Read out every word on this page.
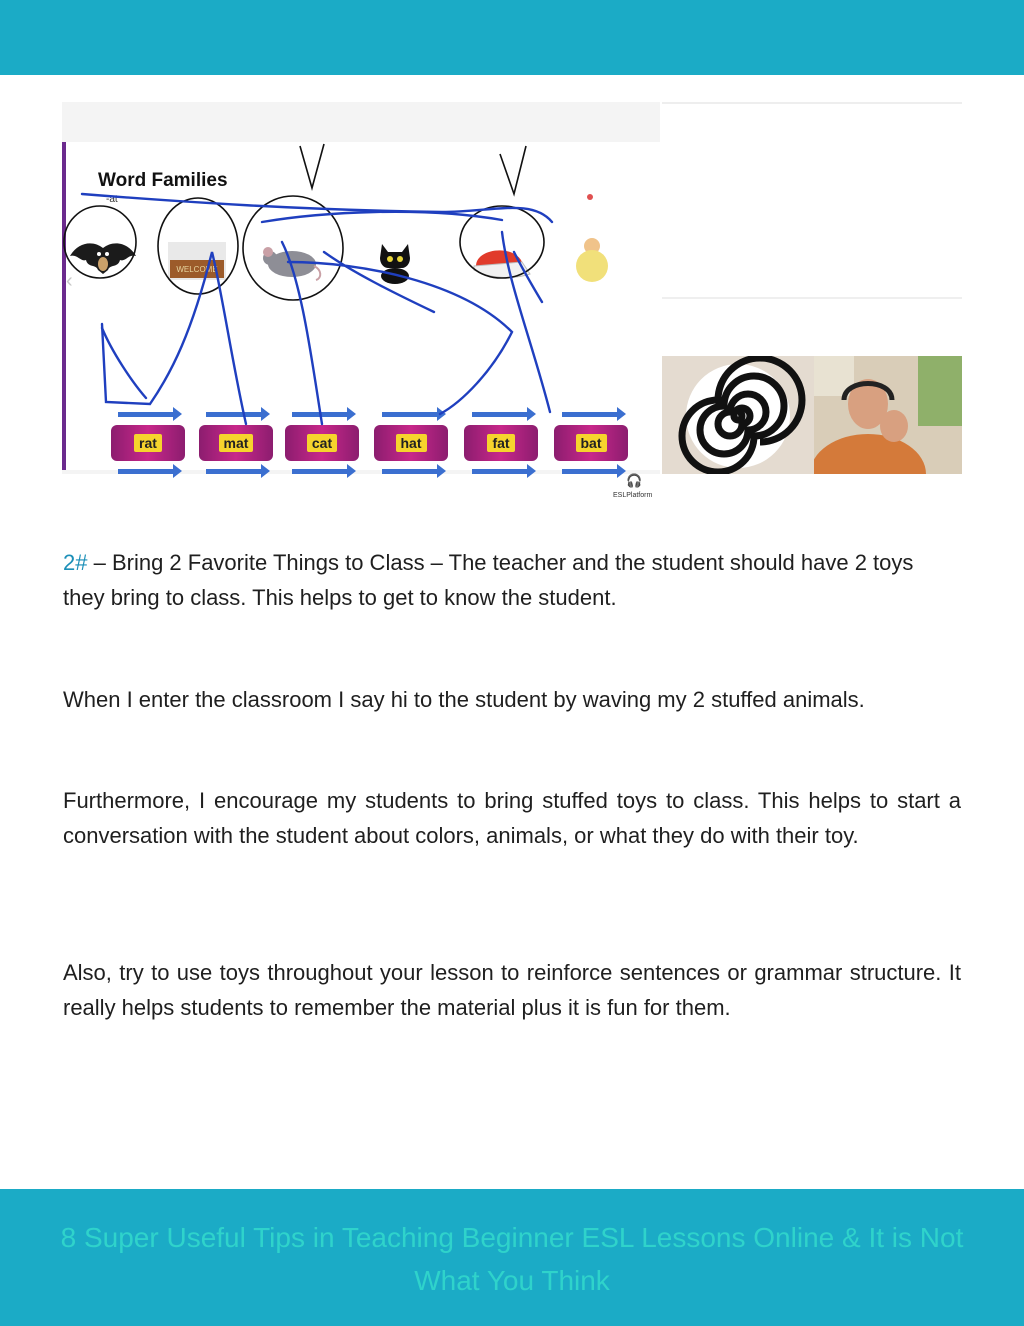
Word Families
-at
‹
WELCOME
rat	mat	cat	hat	fat	bat
🎧
ESLPlatform

2# – Bring 2 Favorite Things to Class – The teacher and the student should have 2 toys they bring to class. This helps to get to know the student.

When I enter the classroom I say hi to the student by waving my 2 stuffed animals.

Furthermore, I encourage my students to bring stuffed toys to class. This helps to start a conversation with the student about colors, animals, or what they do with their toy.

Also, try to use toys throughout your lesson to reinforce sentences or grammar structure. It really helps students to remember the material plus it is fun for them.

8 Super Useful Tips in Teaching Beginner ESL Lessons Online & It is Not What You Think
